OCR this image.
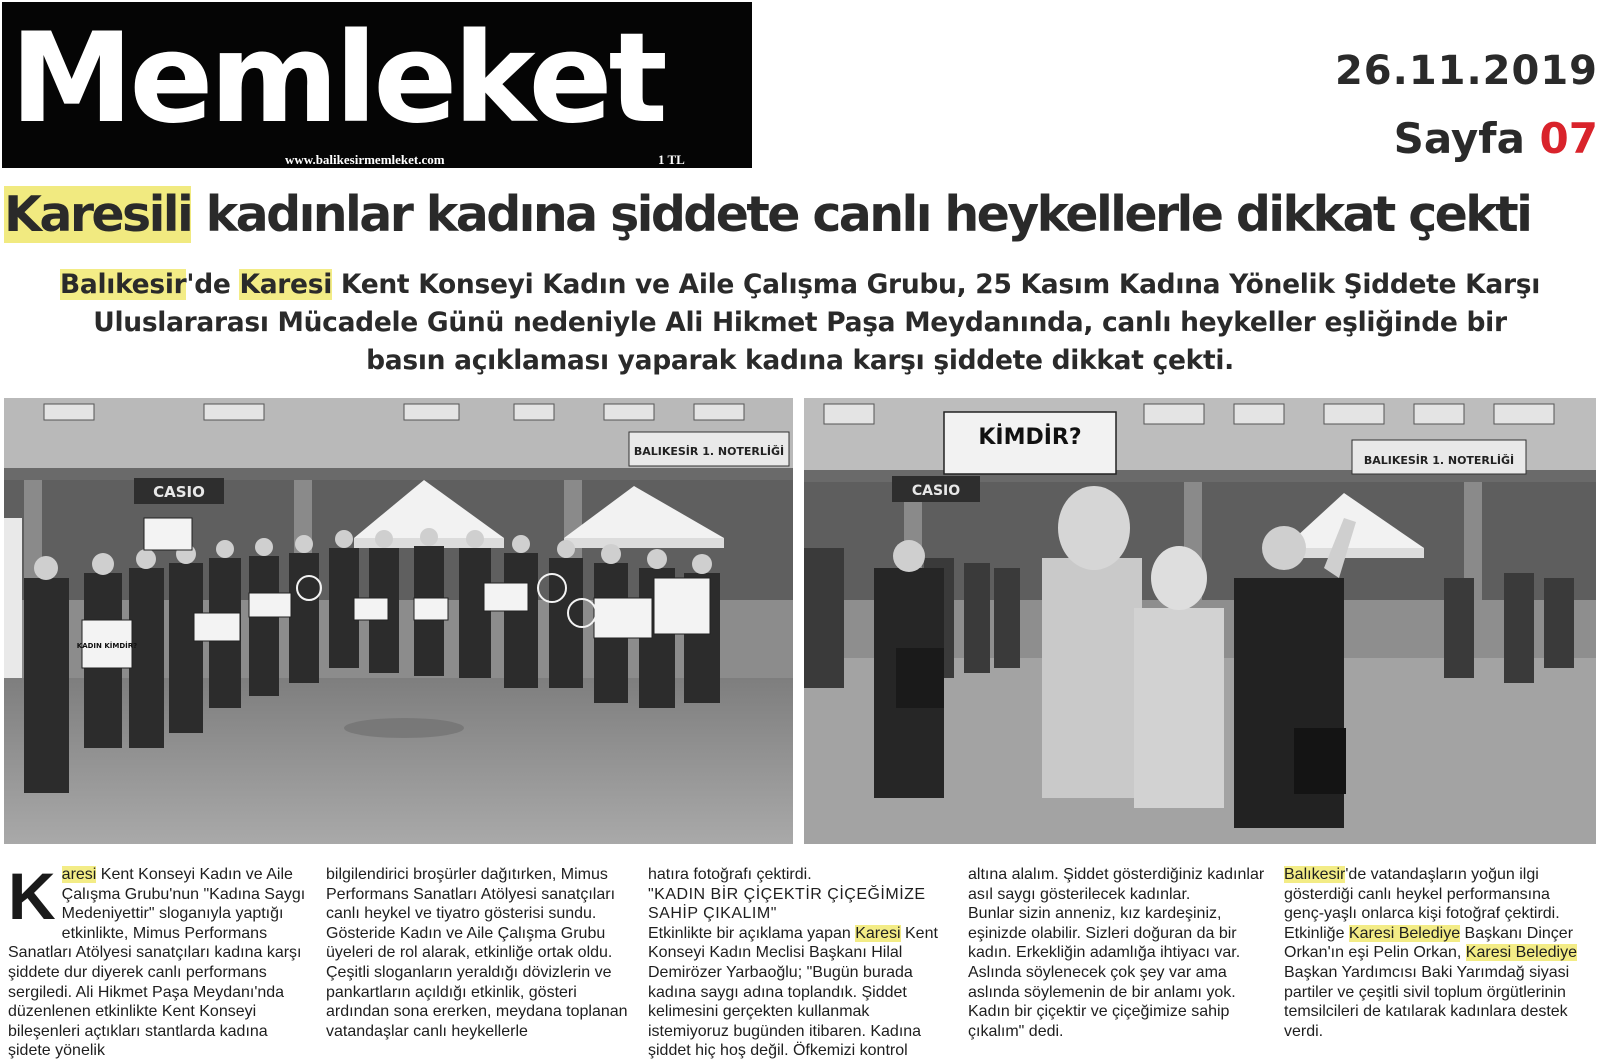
Memleket
www.balikesirmemleket.com	1 TL
26.11.2019
Sayfa 07
Karesili kadınlar kadına şiddete canlı heykellerle dikkat çekti
Balıkesir'de Karesi Kent Konseyi Kadın ve Aile Çalışma Grubu, 25 Kasım Kadına Yönelik Şiddete Karşı Uluslararası Mücadele Günü nedeniyle Ali Hikmet Paşa Meydanında, canlı heykeller eşliğinde bir basın açıklaması yaparak kadına karşı şiddete dikkat çekti.
CASIO
BALIKESİR 1. NOTERLİĞİ
KADIN KİMDİR?
KİMDİR?
BALIKESİR 1. NOTERLİĞİ
CASIO

Karesi Kent Konseyi Kadın ve Aile Çalışma Grubu'nun "Kadına Saygı Medeniyettir" sloganıyla yaptığı etkinlikte, Mimus Performans Sanatları Atölyesi sanatçıları kadına karşı şiddete dur diyerek canlı performans sergiledi. Ali Hikmet Paşa Meydanı'nda düzenlenen etkinlikte Kent Konseyi bileşenleri açtıkları stantlarda kadına şidete yönelik

bilgilendirici broşürler dağıtırken, Mimus Performans Sanatları Atölyesi sanatçıları canlı heykel ve tiyatro gösterisi sundu. Gösteride Kadın ve Aile Çalışma Grubu üyeleri de rol alarak, etkinliğe ortak oldu. Çeşitli sloganların yeraldığı dövizlerin ve pankartların açıldığı etkinlik, gösteri ardından sona ererken, meydana toplanan vatandaşlar canlı heykellerle

hatıra fotoğrafı çektirdi.

"KADIN BİR ÇİÇEKTİR ÇİÇEĞİMİZE SAHİP ÇIKALIM"

Etkinlikte bir açıklama yapan Karesi Kent Konseyi Kadın Meclisi Başkanı Hilal Demirözer Yarbaoğlu; "Bugün burada kadına saygı adına toplandık. Şiddet kelimesini gerçekten kullanmak istemiyoruz bugünden itibaren. Kadına şiddet hiç hoş değil. Öfkemizi kontrol

altına alalım. Şiddet gösterdiğiniz kadınlar asıl saygı gösterilecek kadınlar.

Bunlar sizin anneniz, kız kardeşiniz, eşinizde olabilir. Sizleri doğuran da bir kadın. Erkekliğin adamlığa ihtiyacı var. Aslında söylenecek çok şey var ama aslında söylemenin de bir anlamı yok. Kadın bir çiçektir ve çiçeğimize sahip çıkalım" dedi.

Balıkesir'de vatandaşların yoğun ilgi gösterdiği canlı heykel performansına genç-yaşlı onlarca kişi fotoğraf çektirdi. Etkinliğe Karesi Belediye Başkanı Dinçer Orkan'ın eşi Pelin Orkan, Karesi Belediye Başkan Yardımcısı Baki Yarımdağ siyasi partiler ve çeşitli sivil toplum örgütlerinin temsilcileri de katılarak kadınlara destek verdi.
